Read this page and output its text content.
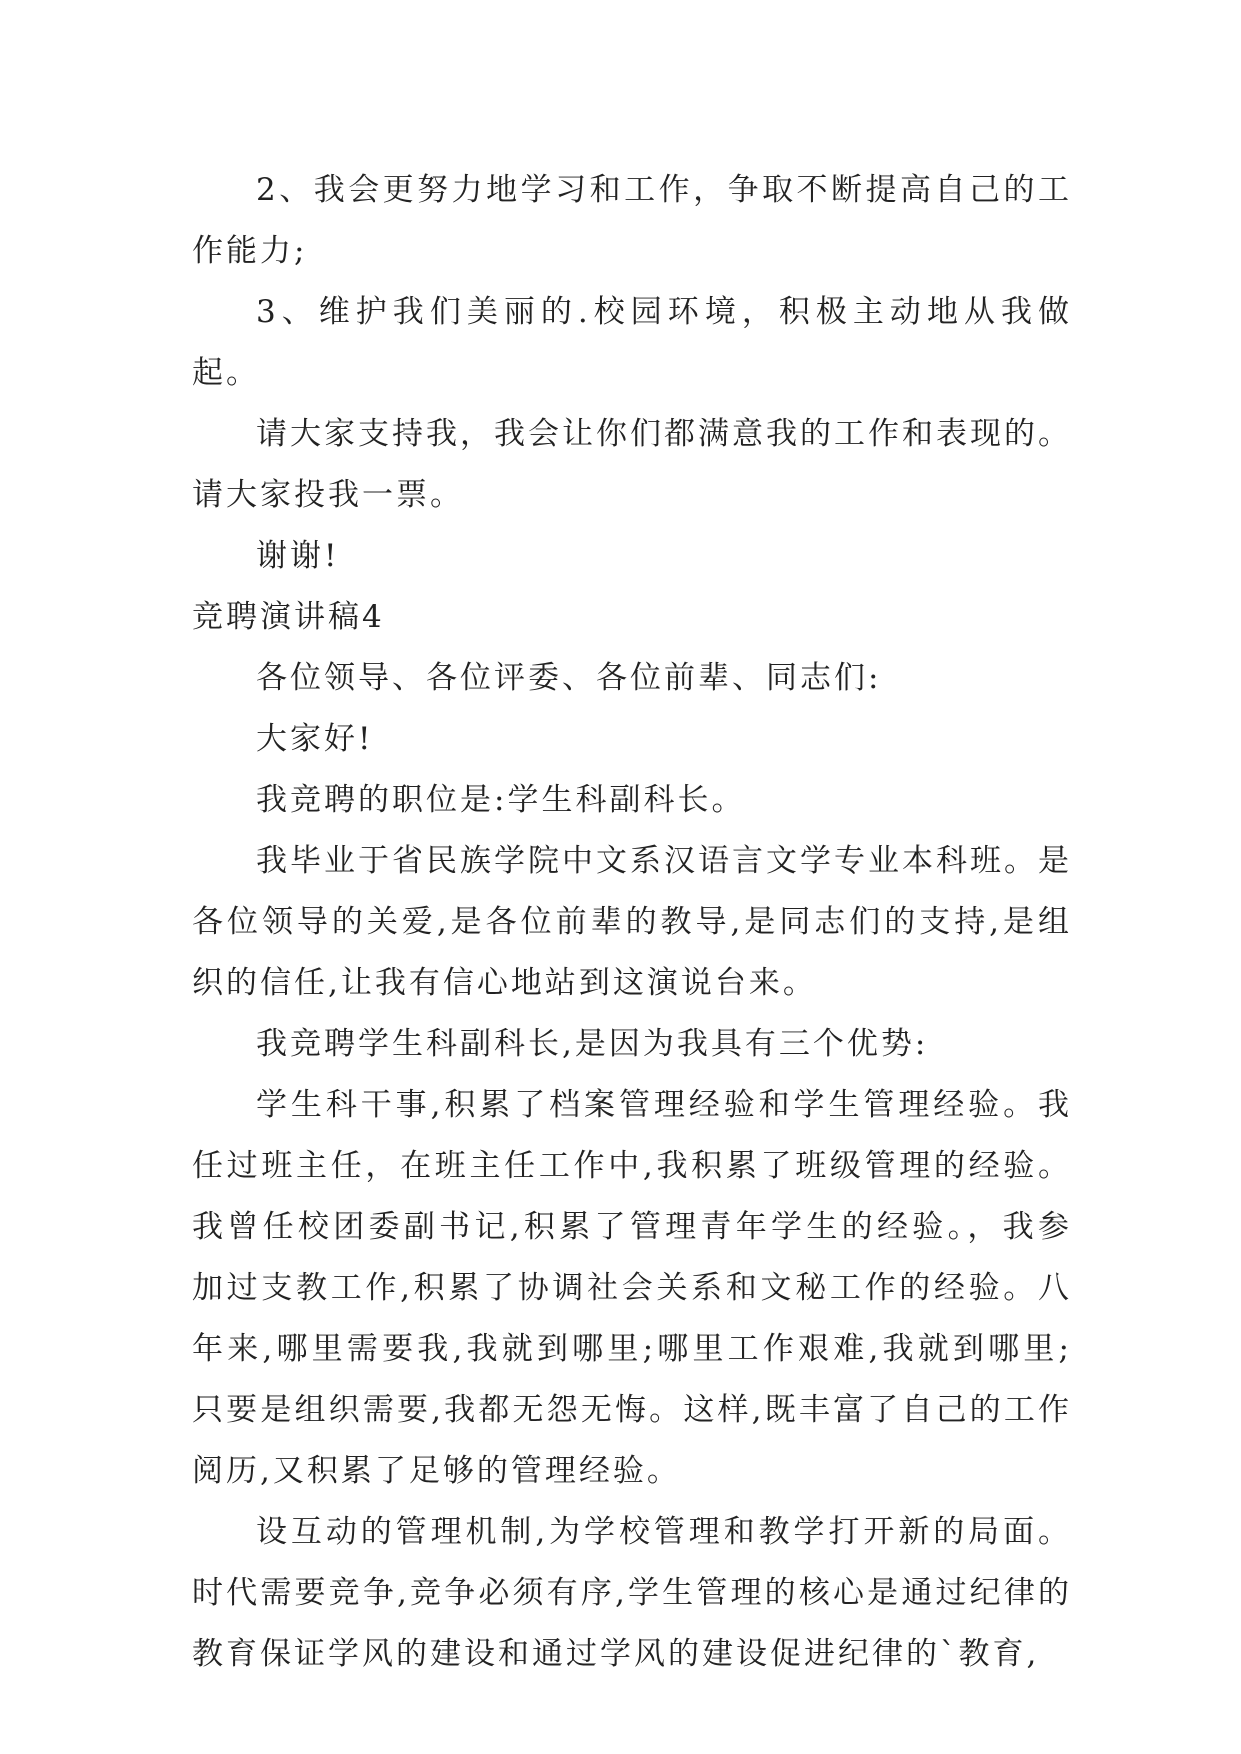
2、我会更努力地学习和工作，争取不断提高自己的工作能力;

3、维护我们美丽的.校园环境，积极主动地从我做起。

请大家支持我，我会让你们都满意我的工作和表现的。请大家投我一票。

谢谢!

竞聘演讲稿4

各位领导、各位评委、各位前辈、同志们:

大家好!

我竞聘的职位是:学生科副科长。

我毕业于省民族学院中文系汉语言文学专业本科班。是各位领导的关爱,是各位前辈的教导,是同志们的支持,是组织的信任,让我有信心地站到这演说台来。

我竞聘学生科副科长,是因为我具有三个优势:

学生科干事,积累了档案管理经验和学生管理经验。我任过班主任，在班主任工作中,我积累了班级管理的经验。我曾任校团委副书记,积累了管理青年学生的经验。，我参加过支教工作,积累了协调社会关系和文秘工作的经验。八年来,哪里需要我,我就到哪里;哪里工作艰难,我就到哪里;只要是组织需要,我都无怨无悔。这样,既丰富了自己的工作阅历,又积累了足够的管理经验。

设互动的管理机制,为学校管理和教学打开新的局面。时代需要竞争,竞争必须有序,学生管理的核心是通过纪律的教育保证学风的建设和通过学风的建设促进纪律的`教育,
